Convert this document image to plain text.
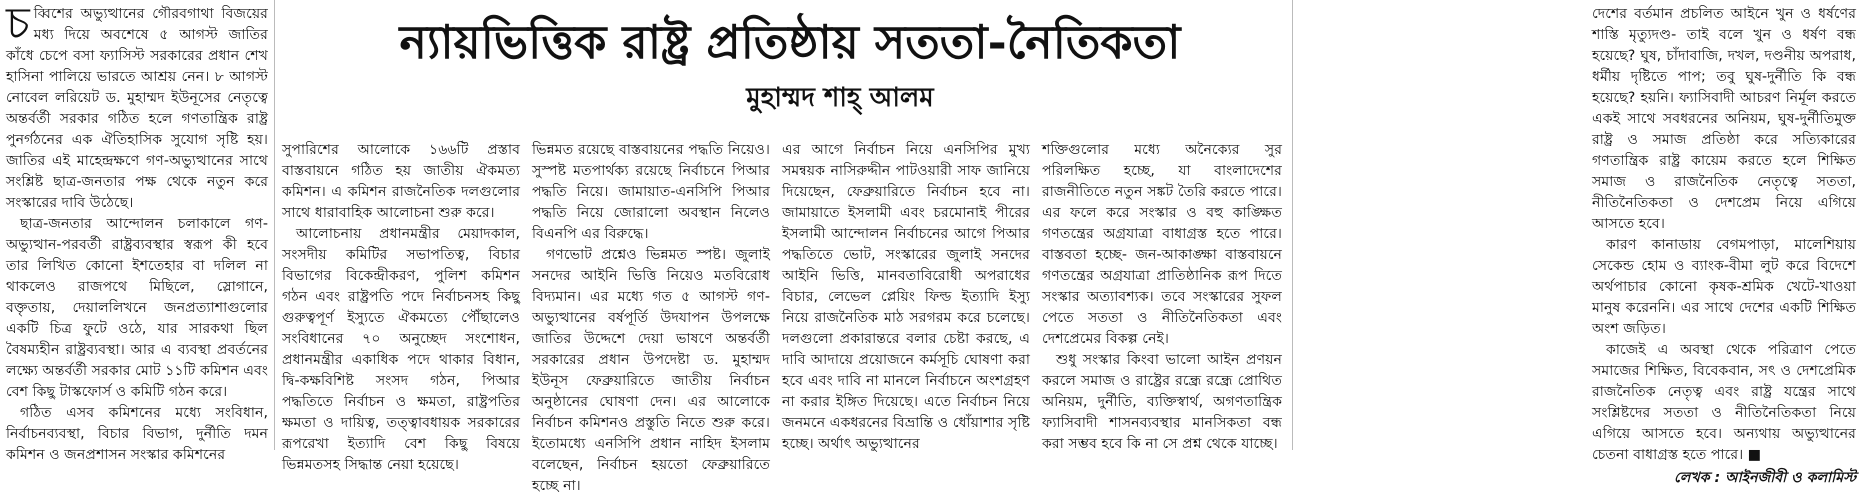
চব্বিশের অভ্যুত্থানের গৌরবগাথা বিজয়ের মধ্য দিয়ে অবশেষে ৫ আগস্ট জাতির কাঁধে চেপে বসা ফ্যাসিস্ট সরকারের প্রধান শেখ হাসিনা পালিয়ে ভারতে আশ্রয় নেন। ৮ আগস্ট নোবেল লরিয়েট ড. মুহাম্মদ ইউনূসের নেতৃত্বে অন্তর্বর্তী সরকার গঠিত হলে গণতান্ত্রিক রাষ্ট্র পুনর্গঠনের এক ঐতিহাসিক সুযোগ সৃষ্টি হয়। জাতির এই মাহেন্দ্রক্ষণে গণ-অভ্যুত্থানের সাথে সংশ্লিষ্ট ছাত্র-জনতার পক্ষ থেকে নতুন করে সংস্কারের দাবি উঠেছে।

ছাত্র-জনতার আন্দোলন চলাকালে গণ-অভ্যুত্থান-পরবর্তী রাষ্ট্রব্যবস্থার স্বরূপ কী হবে তার লিখিত কোনো ইশতেহার বা দলিল না থাকলেও রাজপথে মিছিলে, স্লোগানে, বক্তৃতায়, দেয়াললিখনে জনপ্রত্যাশাগুলোর একটি চিত্র ফুটে ওঠে, যার সারকথা ছিল বৈষম্যহীন রাষ্ট্রব্যবস্থা। আর এ ব্যবস্থা প্রবর্তনের লক্ষ্যে অন্তর্বর্তী সরকার মোট ১১টি কমিশন এবং বেশ কিছু টাস্কফোর্স ও কমিটি গঠন করে।

গঠিত এসব কমিশনের মধ্যে সংবিধান, নির্বাচনব্যবস্থা, বিচার বিভাগ, দুর্নীতি দমন কমিশন ও জনপ্রশাসন সংস্কার কমিশনের

ন্যায়ভিত্তিক রাষ্ট্র প্রতিষ্ঠায় সততা-নৈতিকতা
মুহাম্মদ শাহ্ আলম

সুপারিশের আলোকে ১৬৬টি প্রস্তাব বাস্তবায়নে গঠিত হয় জাতীয় ঐকমত্য কমিশন। এ কমিশন রাজনৈতিক দলগুলোর সাথে ধারাবাহিক আলোচনা শুরু করে।

আলোচনায় প্রধানমন্ত্রীর মেয়াদকাল, সংসদীয় কমিটির সভাপতিত্ব, বিচার বিভাগের বিকেন্দ্রীকরণ, পুলিশ কমিশন গঠন এবং রাষ্ট্রপতি পদে নির্বাচনসহ কিছু গুরুত্বপূর্ণ ইস্যুতে ঐকমত্যে পৌঁছালেও সংবিধানের ৭০ অনুচ্ছেদ সংশোধন, প্রধানমন্ত্রীর একাধিক পদে থাকার বিধান, দ্বি-কক্ষবিশিষ্ট সংসদ গঠন, পিআর পদ্ধতিতে নির্বাচন ও ক্ষমতা, রাষ্ট্রপতির ক্ষমতা ও দায়িত্ব, তত্ত্বাবধায়ক সরকারের রূপরেখা ইত্যাদি বেশ কিছু বিষয়ে ভিন্নমতসহ সিদ্ধান্ত নেয়া হয়েছে।

ভিন্নমত রয়েছে বাস্তবায়নের পদ্ধতি নিয়েও। সুস্পষ্ট মতপার্থক্য রয়েছে নির্বাচনে পিআর পদ্ধতি নিয়ে। জামায়াত-এনসিপি পিআর পদ্ধতি নিয়ে জোরালো অবস্থান নিলেও বিএনপি এর বিরুদ্ধে।

গণভোট প্রশ্নেও ভিন্নমত স্পষ্ট। জুলাই সনদের আইনি ভিত্তি নিয়েও মতবিরোধ বিদ্যমান। এর মধ্যে গত ৫ আগস্ট গণ-অভ্যুত্থানের বর্ষপূর্তি উদযাপন উপলক্ষে জাতির উদ্দেশে দেয়া ভাষণে অন্তর্বর্তী সরকারের প্রধান উপদেষ্টা ড. মুহাম্মদ ইউনূস ফেব্রুয়ারিতে জাতীয় নির্বাচন অনুষ্ঠানের ঘোষণা দেন। এর আলোকে নির্বাচন কমিশনও প্রস্তুতি নিতে শুরু করে। ইতোমধ্যে এনসিপি প্রধান নাহিদ ইসলাম বলেছেন, নির্বাচন হয়তো ফেব্রুয়ারিতে হচ্ছে না।

এর আগে নির্বাচন নিয়ে এনসিপির মুখ্য সমন্বয়ক নাসিরুদ্দীন পাটওয়ারী সাফ জানিয়ে দিয়েছেন, ফেব্রুয়ারিতে নির্বাচন হবে না। জামায়াতে ইসলামী এবং চরমোনাই পীরের ইসলামী আন্দোলন নির্বাচনের আগে পিআর পদ্ধতিতে ভোট, সংস্কারের জুলাই সনদের আইনি ভিত্তি, মানবতাবিরোধী অপরাধের বিচার, লেভেল প্লেয়িং ফিল্ড ইত্যাদি ইস্যু নিয়ে রাজনৈতিক মাঠ সরগরম করে চলেছে। দলগুলো প্রকারান্তরে বলার চেষ্টা করছে, এ দাবি আদায়ে প্রয়োজনে কর্মসূচি ঘোষণা করা হবে এবং দাবি না মানলে নির্বাচনে অংশগ্রহণ না করার ইঙ্গিত দিয়েছে। এতে নির্বাচন নিয়ে জনমনে একধরনের বিভ্রান্তি ও ধোঁয়াশার সৃষ্টি হচ্ছে। অর্থাৎ অভ্যুত্থানের

শক্তিগুলোর মধ্যে অনৈক্যের সুর পরিলক্ষিত হচ্ছে, যা বাংলাদেশের রাজনীতিতে নতুন সঙ্কট তৈরি করতে পারে। এর ফলে করে সংস্কার ও বহু কাঙ্ক্ষিত গণতন্ত্রের অগ্রযাত্রা বাধাগ্রস্ত হতে পারে। বাস্তবতা হচ্ছে- জন-আকাঙ্ক্ষা বাস্তবায়নে গণতন্ত্রের অগ্রযাত্রা প্রাতিষ্ঠানিক রূপ দিতে সংস্কার অত্যাবশ্যক। তবে সংস্কারের সুফল পেতে সততা ও নীতিনৈতিকতা এবং দেশপ্রেমের বিকল্প নেই।

শুধু সংস্কার কিংবা ভালো আইন প্রণয়ন করলে সমাজ ও রাষ্ট্রের রন্ধ্রে রন্ধ্রে প্রোথিত অনিয়ম, দুর্নীতি, ব্যক্তিস্বার্থ, অগণতান্ত্রিক ফ্যাসিবাদী শাসনব্যবস্থার মানসিকতা বন্ধ করা সম্ভব হবে কি না সে প্রশ্ন থেকে যাচ্ছে।

দেশের বর্তমান প্রচলিত আইনে খুন ও ধর্ষণের শাস্তি মৃত্যুদণ্ড- তাই বলে খুন ও ধর্ষণ বন্ধ হয়েছে? ঘুষ, চাঁদাবাজি, দখল, দণ্ডনীয় অপরাধ, ধর্মীয় দৃষ্টিতে পাপ; তবু ঘুষ-দুর্নীতি কি বন্ধ হয়েছে? হয়নি। ফ্যাসিবাদী আচরণ নির্মূল করতে একই সাথে সবধরনের অনিয়ম, ঘুষ-দুর্নীতিমুক্ত রাষ্ট্র ও সমাজ প্রতিষ্ঠা করে সত্যিকারের গণতান্ত্রিক রাষ্ট্র কায়েম করতে হলে শিক্ষিত সমাজ ও রাজনৈতিক নেতৃত্বে সততা, নীতিনৈতিকতা ও দেশপ্রেম নিয়ে এগিয়ে আসতে হবে।

কারণ কানাডায় বেগমপাড়া, মালেশিয়ায় সেকেন্ড হোম ও ব্যাংক-বীমা লুট করে বিদেশে অর্থপাচার কোনো কৃষক-শ্রমিক খেটে-খাওয়া মানুষ করেননি। এর সাথে দেশের একটি শিক্ষিত অংশ জড়িত।

কাজেই এ অবস্থা থেকে পরিত্রাণ পেতে সমাজের শিক্ষিত, বিবেকবান, সৎ ও দেশপ্রেমিক রাজনৈতিক নেতৃত্ব এবং রাষ্ট্র যন্ত্রের সাথে সংশ্লিষ্টদের সততা ও নীতিনৈতিকতা নিয়ে এগিয়ে আসতে হবে। অন্যথায় অভ্যুত্থানের চেতনা বাধাগ্রস্ত হতে পারে। ■

লেখক : আইনজীবী ও কলামিস্ট
